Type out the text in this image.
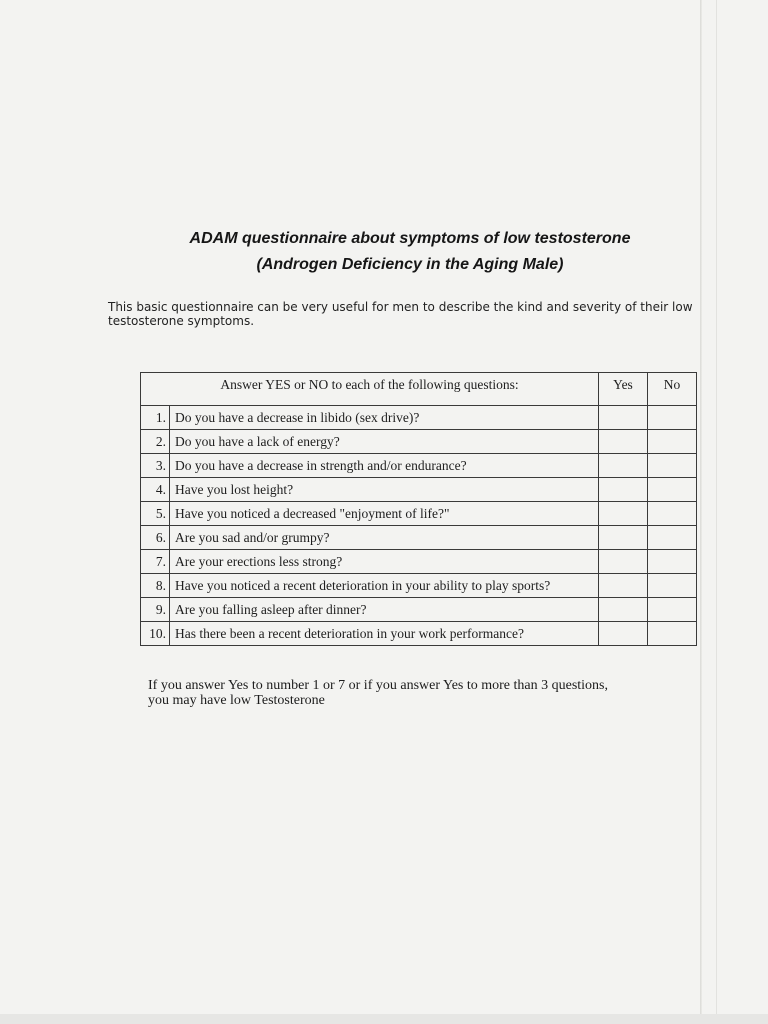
ADAM questionnaire about symptoms of low testosterone
(Androgen Deficiency in the Aging Male)
This basic questionnaire can be very useful for men to describe the kind and severity of their low
testosterone symptoms.
Answer YES or NO to each of the following questions:		Yes	No
1.	Do you have a decrease in libido (sex drive)?		
2.	Do you have a lack of energy?		
3.	Do you have a decrease in strength and/or endurance?		
4.	Have you lost height?		
5.	Have you noticed a decreased "enjoyment of life?"		
6.	Are you sad and/or grumpy?		
7.	Are your erections less strong?		
8.	Have you noticed a recent deterioration in your ability to play sports?		
9.	Are you falling asleep after dinner?		
10.	Has there been a recent deterioration in your work performance?		
If you answer Yes to number 1 or 7 or if you answer Yes to more than 3 questions,
you may have low Testosterone
